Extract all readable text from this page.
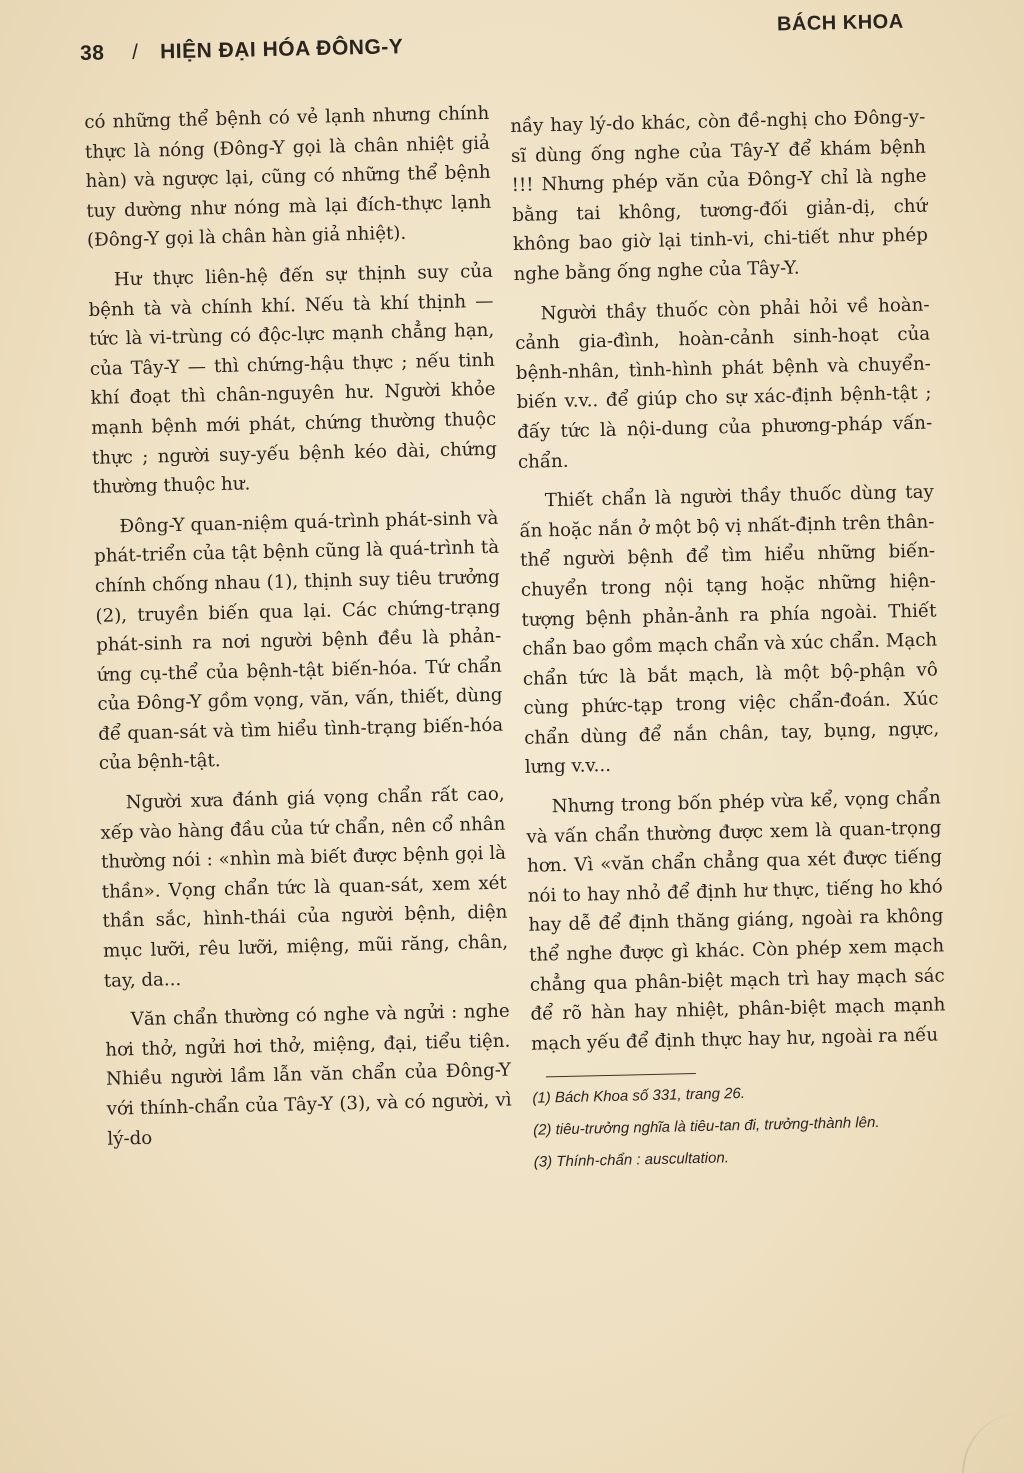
38 / HIỆN ĐẠI HÓA ĐÔNG-Y
BÁCH KHOA

có những thể bệnh có vẻ lạnh nhưng chính thực là nóng (Đông-Y gọi là chân nhiệt giả hàn) và ngược lại, cũng có những thể bệnh tuy dường như nóng mà lại đích-thực lạnh (Đông-Y gọi là chân hàn giả nhiệt).

Hư thực liên-hệ đến sự thịnh suy của bệnh tà và chính khí. Nếu tà khí thịnh — tức là vi-trùng có độc-lực mạnh chẳng hạn, của Tây-Y — thì chứng-hậu thực ; nếu tinh khí đoạt thì chân-nguyên hư. Người khỏe mạnh bệnh mới phát, chứng thường thuộc thực ; người suy-yếu bệnh kéo dài, chứng thường thuộc hư.

Đông-Y quan-niệm quá-trình phát-sinh và phát-triển của tật bệnh cũng là quá-trình tà chính chống nhau (1), thịnh suy tiêu trưởng (2), truyền biến qua lại. Các chứng-trạng phát-sinh ra nơi người bệnh đều là phản-ứng cụ-thể của bệnh-tật biến-hóa. Tứ chẩn của Đông-Y gồm vọng, văn, vấn, thiết, dùng để quan-sát và tìm hiểu tình-trạng biến-hóa của bệnh-tật.

Người xưa đánh giá vọng chẩn rất cao, xếp vào hàng đầu của tứ chẩn, nên cổ nhân thường nói : «nhìn mà biết được bệnh gọi là thần». Vọng chẩn tức là quan-sát, xem xét thần sắc, hình-thái của người bệnh, diện mục lưỡi, rêu lưỡi, miệng, mũi răng, chân, tay, da...

Văn chẩn thường có nghe và ngửi : nghe hơi thở, ngửi hơi thở, miệng, đại, tiểu tiện. Nhiều người lầm lẫn văn chẩn của Đông-Y với thính-chẩn của Tây-Y (3), và có người, vì lý-do

nầy hay lý-do khác, còn đề-nghị cho Đông-y-sĩ dùng ống nghe của Tây-Y để khám bệnh !!! Nhưng phép văn của Đông-Y chỉ là nghe bằng tai không, tương-đối giản-dị, chứ không bao giờ lại tinh-vi, chi-tiết như phép nghe bằng ống nghe của Tây-Y.

Người thầy thuốc còn phải hỏi về hoàn-cảnh gia-đình, hoàn-cảnh sinh-hoạt của bệnh-nhân, tình-hình phát bệnh và chuyển-biến v.v.. để giúp cho sự xác-định bệnh-tật ; đấy tức là nội-dung của phương-pháp vấn-chẩn.

Thiết chẩn là người thầy thuốc dùng tay ấn hoặc nắn ở một bộ vị nhất-định trên thân-thể người bệnh để tìm hiểu những biến-chuyển trong nội tạng hoặc những hiện-tượng bệnh phản-ảnh ra phía ngoài. Thiết chẩn bao gồm mạch chẩn và xúc chẩn. Mạch chẩn tức là bắt mạch, là một bộ-phận vô cùng phức-tạp trong việc chẩn-đoán. Xúc chẩn dùng để nắn chân, tay, bụng, ngực, lưng v.v...

Nhưng trong bốn phép vừa kể, vọng chẩn và vấn chẩn thường được xem là quan-trọng hơn. Vì «văn chẩn chẳng qua xét được tiếng nói to hay nhỏ để định hư thực, tiếng ho khó hay dễ để định thăng giáng, ngoài ra không thể nghe được gì khác. Còn phép xem mạch chẳng qua phân-biệt mạch trì hay mạch sác để rõ hàn hay nhiệt, phân-biệt mạch mạnh mạch yếu để định thực hay hư, ngoài ra nếu

(1) Bách Khoa số 331, trang 26.

(2) tiêu-trưởng nghĩa là tiêu-tan đi, trưởng-thành lên.

(3) Thính-chẩn : auscultation.
